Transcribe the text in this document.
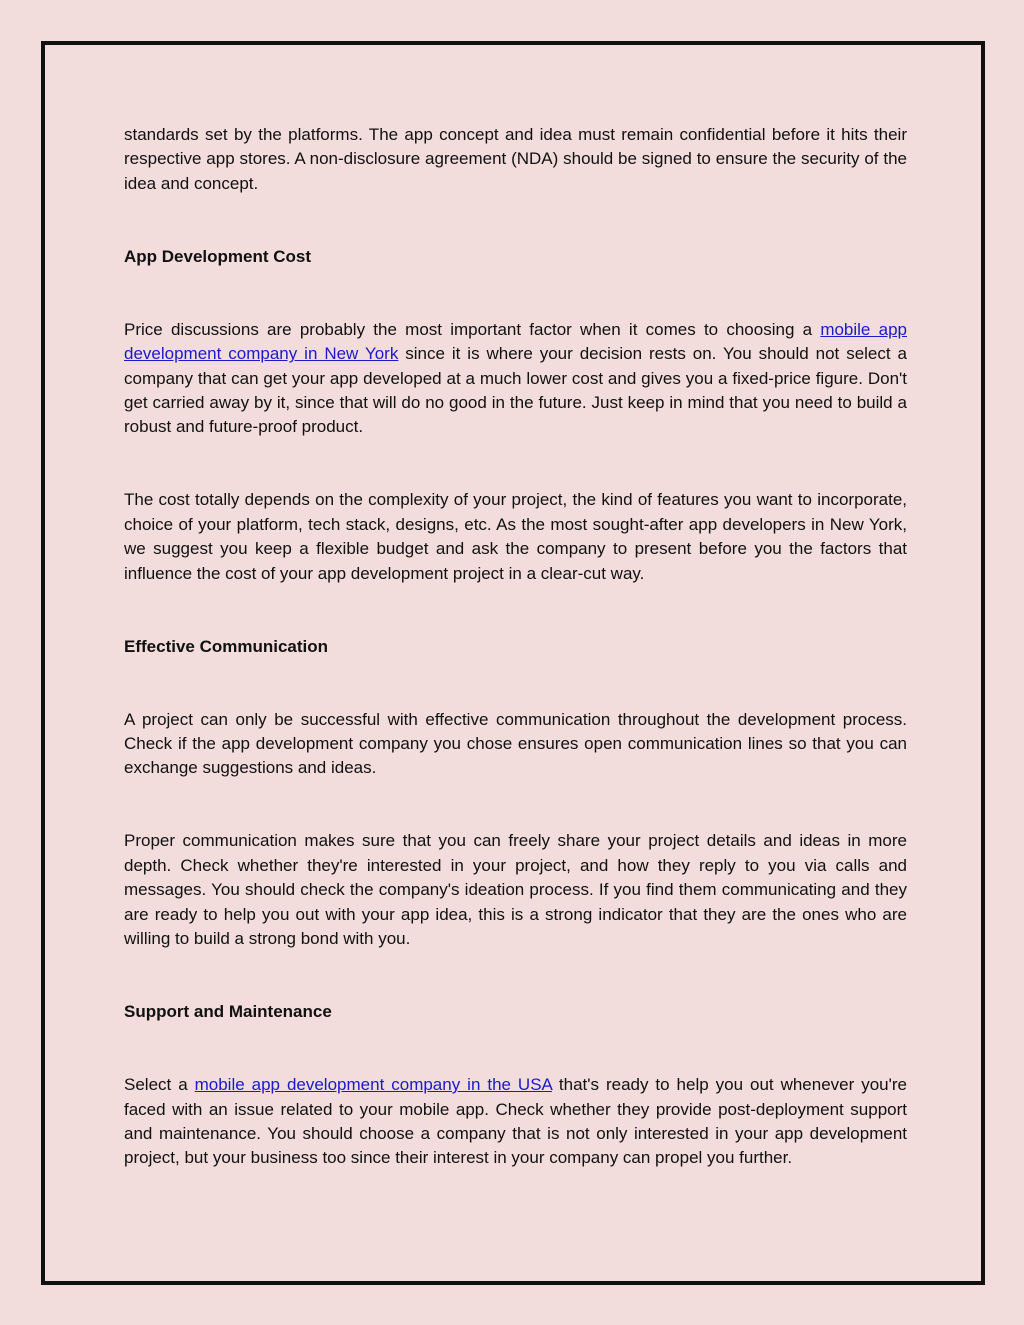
standards set by the platforms. The app concept and idea must remain confidential before it hits their respective app stores. A non-disclosure agreement (NDA) should be signed to ensure the security of the idea and concept.

App Development Cost

Price discussions are probably the most important factor when it comes to choosing a mobile app development company in New York since it is where your decision rests on. You should not select a company that can get your app developed at a much lower cost and gives you a fixed-price figure. Don't get carried away by it, since that will do no good in the future. Just keep in mind that you need to build a robust and future-proof product.

The cost totally depends on the complexity of your project, the kind of features you want to incorporate, choice of your platform, tech stack, designs, etc. As the most sought-after app developers in New York, we suggest you keep a flexible budget and ask the company to present before you the factors that influence the cost of your app development project in a clear-cut way.

Effective Communication

A project can only be successful with effective communication throughout the development process. Check if the app development company you chose ensures open communication lines so that you can exchange suggestions and ideas.

Proper communication makes sure that you can freely share your project details and ideas in more depth. Check whether they're interested in your project, and how they reply to you via calls and messages. You should check the company's ideation process. If you find them communicating and they are ready to help you out with your app idea, this is a strong indicator that they are the ones who are willing to build a strong bond with you.

Support and Maintenance

Select a mobile app development company in the USA that's ready to help you out whenever you're faced with an issue related to your mobile app. Check whether they provide post-deployment support and maintenance. You should choose a company that is not only interested in your app development project, but your business too since their interest in your company can propel you further.
